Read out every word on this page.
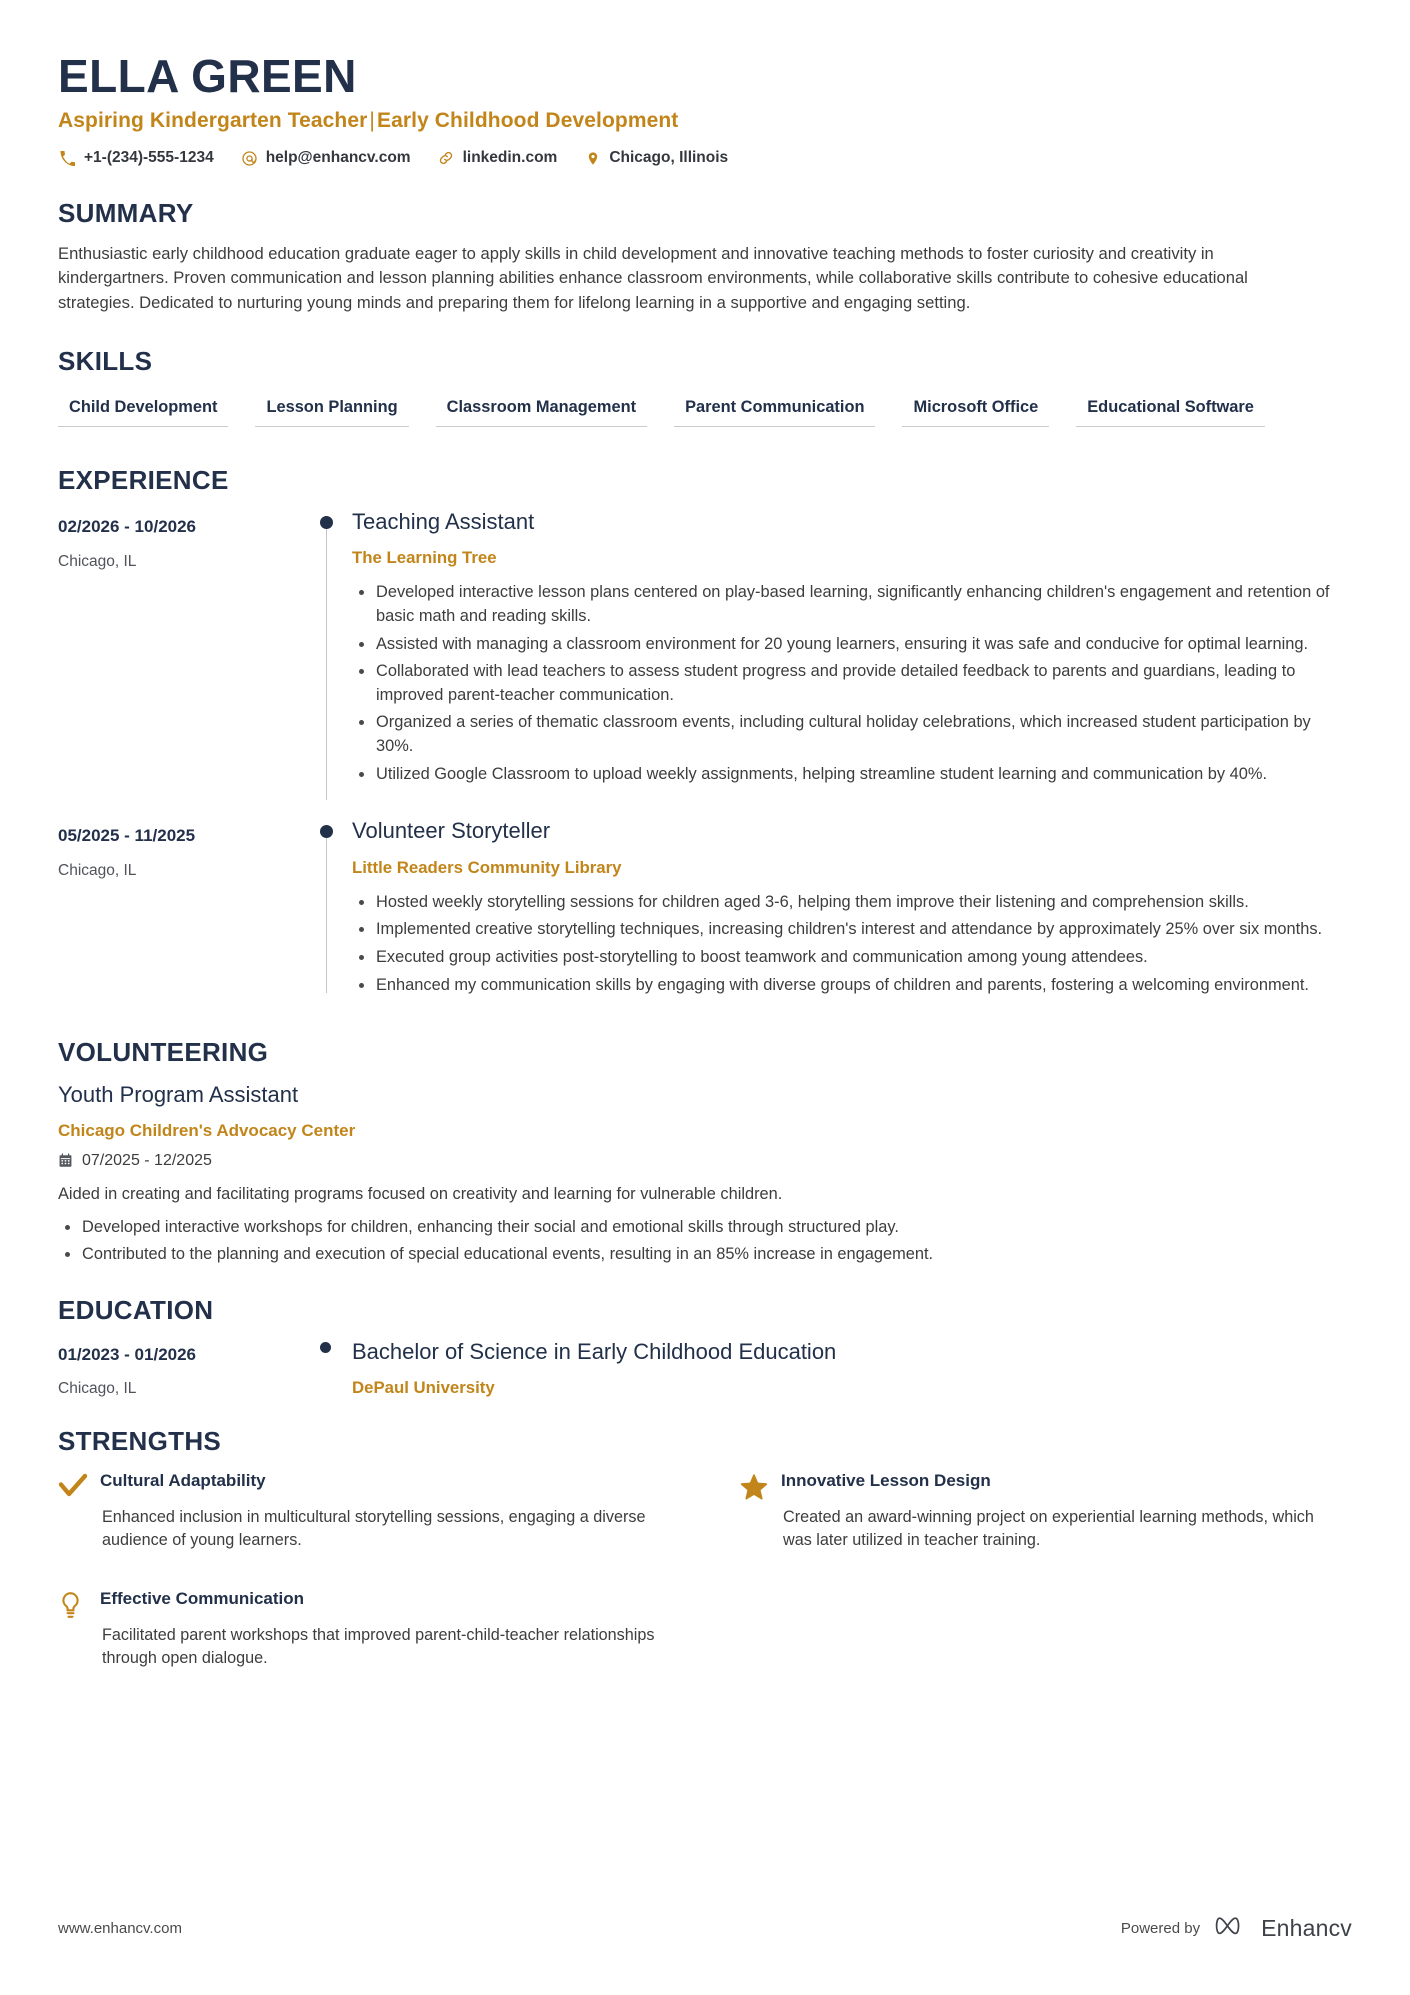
ELLA GREEN
Aspiring Kindergarten Teacher|Early Childhood Development
+1-(234)-555-1234	help@enhancv.com	linkedin.com	Chicago, Illinois
SUMMARY
Enthusiastic early childhood education graduate eager to apply skills in child development and innovative teaching methods to foster curiosity and creativity in kindergartners. Proven communication and lesson planning abilities enhance classroom environments, while collaborative skills contribute to cohesive educational strategies. Dedicated to nurturing young minds and preparing them for lifelong learning in a supportive and engaging setting.
SKILLS
Child Development	Lesson Planning	Classroom Management	Parent Communication	Microsoft Office	Educational Software
EXPERIENCE
02/2026 - 10/2026
Chicago, IL
Teaching Assistant
The Learning Tree
Developed interactive lesson plans centered on play-based learning, significantly enhancing children's engagement and retention of basic math and reading skills.
Assisted with managing a classroom environment for 20 young learners, ensuring it was safe and conducive for optimal learning.
Collaborated with lead teachers to assess student progress and provide detailed feedback to parents and guardians, leading to improved parent-teacher communication.
Organized a series of thematic classroom events, including cultural holiday celebrations, which increased student participation by 30%.
Utilized Google Classroom to upload weekly assignments, helping streamline student learning and communication by 40%.
05/2025 - 11/2025
Chicago, IL
Volunteer Storyteller
Little Readers Community Library
Hosted weekly storytelling sessions for children aged 3-6, helping them improve their listening and comprehension skills.
Implemented creative storytelling techniques, increasing children's interest and attendance by approximately 25% over six months.
Executed group activities post-storytelling to boost teamwork and communication among young attendees.
Enhanced my communication skills by engaging with diverse groups of children and parents, fostering a welcoming environment.
VOLUNTEERING
Youth Program Assistant
Chicago Children's Advocacy Center
07/2025 - 12/2025
Aided in creating and facilitating programs focused on creativity and learning for vulnerable children.
Developed interactive workshops for children, enhancing their social and emotional skills through structured play.
Contributed to the planning and execution of special educational events, resulting in an 85% increase in engagement.
EDUCATION
01/2023 - 01/2026
Chicago, IL
Bachelor of Science in Early Childhood Education
DePaul University
STRENGTHS
Cultural Adaptability
Enhanced inclusion in multicultural storytelling sessions, engaging a diverse audience of young learners.
Innovative Lesson Design
Created an award-winning project on experiential learning methods, which was later utilized in teacher training.
Effective Communication
Facilitated parent workshops that improved parent-child-teacher relationships through open dialogue.
www.enhancv.com	Powered by	Enhancv
